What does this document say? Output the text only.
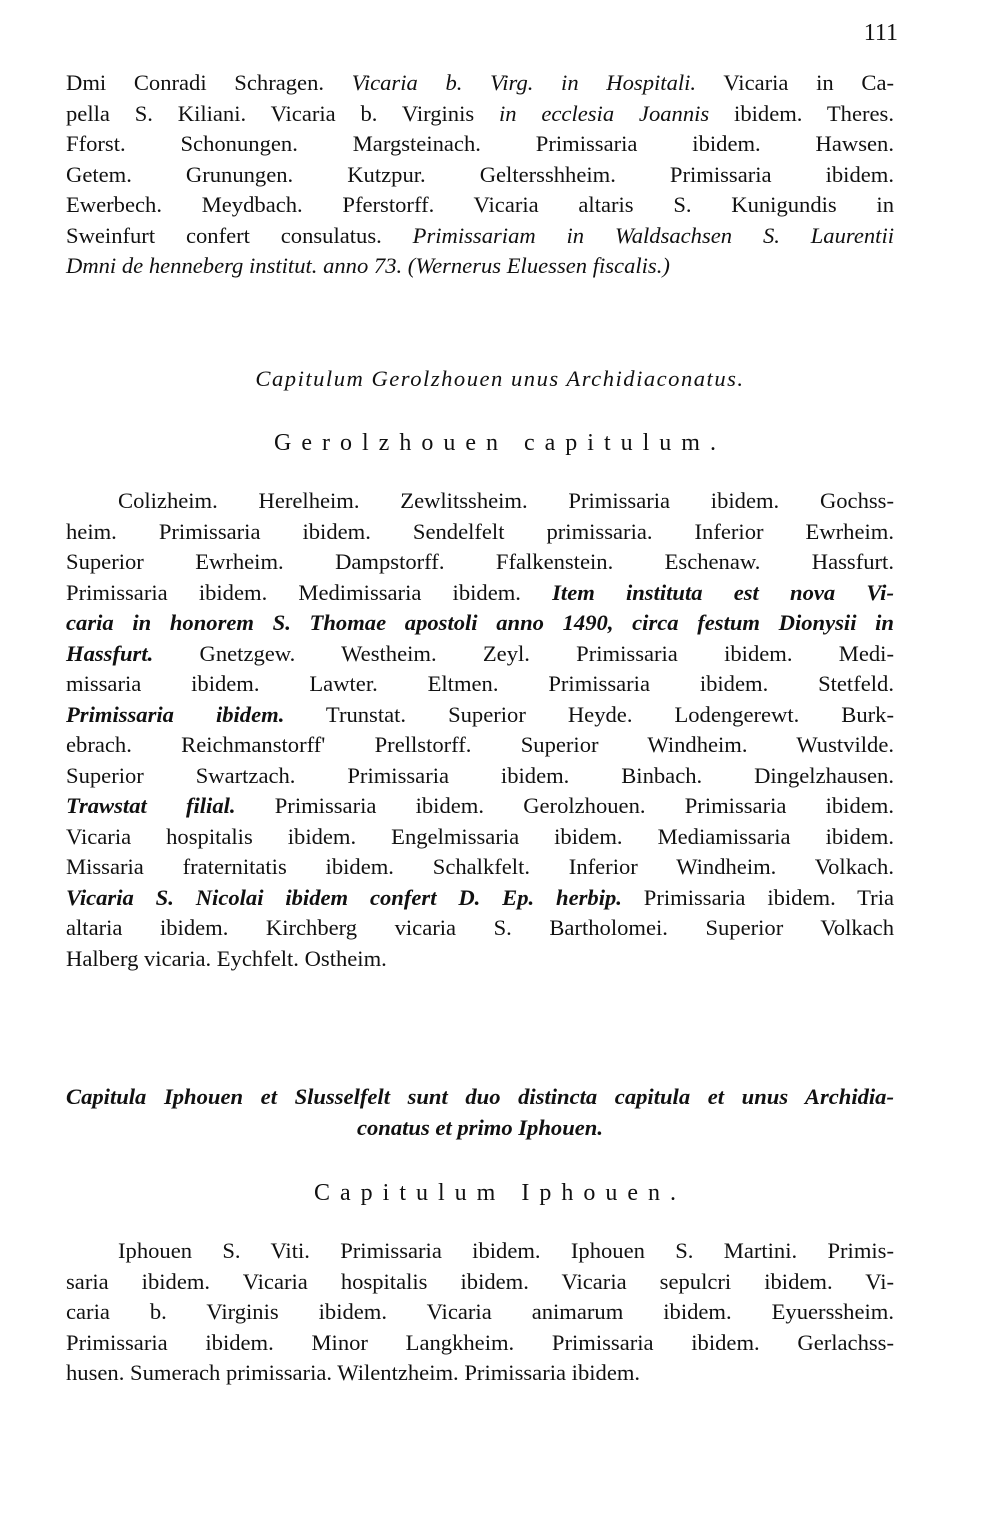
111
Dmi Conradi Schragen. Vicaria b. Virg. in Hospitali. Vicaria in Ca-
pella S. Kiliani. Vicaria b. Virginis in ecclesia Joannis ibidem. Theres.
Fforst. Schonungen. Margsteinach. Primissaria ibidem. Hawsen.
Getem. Grunungen. Kutzpur. Geltersshheim. Primissaria ibidem.
Ewerbech. Meydbach. Pferstorff. Vicaria altaris S. Kunigundis in
Sweinfurt confert consulatus. Primissariam in Waldsachsen S. Laurentii
Dmni de henneberg institut. anno 73. (Wernerus Eluessen fiscalis.)
Capitulum Gerolzhouen unus Archidiaconatus.
Gerolzhouen capitulum.
Colizheim. Herelheim. Zewlitssheim. Primissaria ibidem. Gochss-
heim. Primissaria ibidem. Sendelfelt primissaria. Inferior Ewrheim.
Superior Ewrheim. Dampstorff. Ffalkenstein. Eschenaw. Hassfurt.
Primissaria ibidem. Medimissaria ibidem. Item instituta est nova Vi-
caria in honorem S. Thomae apostoli anno 1490, circa festum Dionysii in
Hassfurt. Gnetzgew. Westheim. Zeyl. Primissaria ibidem. Medi-
missaria ibidem. Lawter. Eltmen. Primissaria ibidem. Stetfeld.
Primissaria ibidem. Trunstat. Superior Heyde. Lodengerewt. Burk-
ebrach. Reichmanstorff' Prellstorff. Superior Windheim. Wustvilde.
Superior Swartzach. Primissaria ibidem. Binbach. Dingelzhausen.
Trawstat filial. Primissaria ibidem. Gerolzhouen. Primissaria ibidem.
Vicaria hospitalis ibidem. Engelmissaria ibidem. Mediamissaria ibidem.
Missaria fraternitatis ibidem. Schalkfelt. Inferior Windheim. Volkach.
Vicaria S. Nicolai ibidem confert D. Ep. herbip. Primissaria ibidem. Tria
altaria ibidem. Kirchberg vicaria S. Bartholomei. Superior Volkach
Halberg vicaria. Eychfelt. Ostheim.
Capitula Iphouen et Slusselfelt sunt duo distincta capitula et unus Archidia-
conatus et primo Iphouen.
Capitulum Iphouen.
Iphouen S. Viti. Primissaria ibidem. Iphouen S. Martini. Primis-
saria ibidem. Vicaria hospitalis ibidem. Vicaria sepulcri ibidem. Vi-
caria b. Virginis ibidem. Vicaria animarum ibidem. Eyuerssheim.
Primissaria ibidem. Minor Langkheim. Primissaria ibidem. Gerlachss-
husen. Sumerach primissaria. Wilentzheim. Primissaria ibidem.
